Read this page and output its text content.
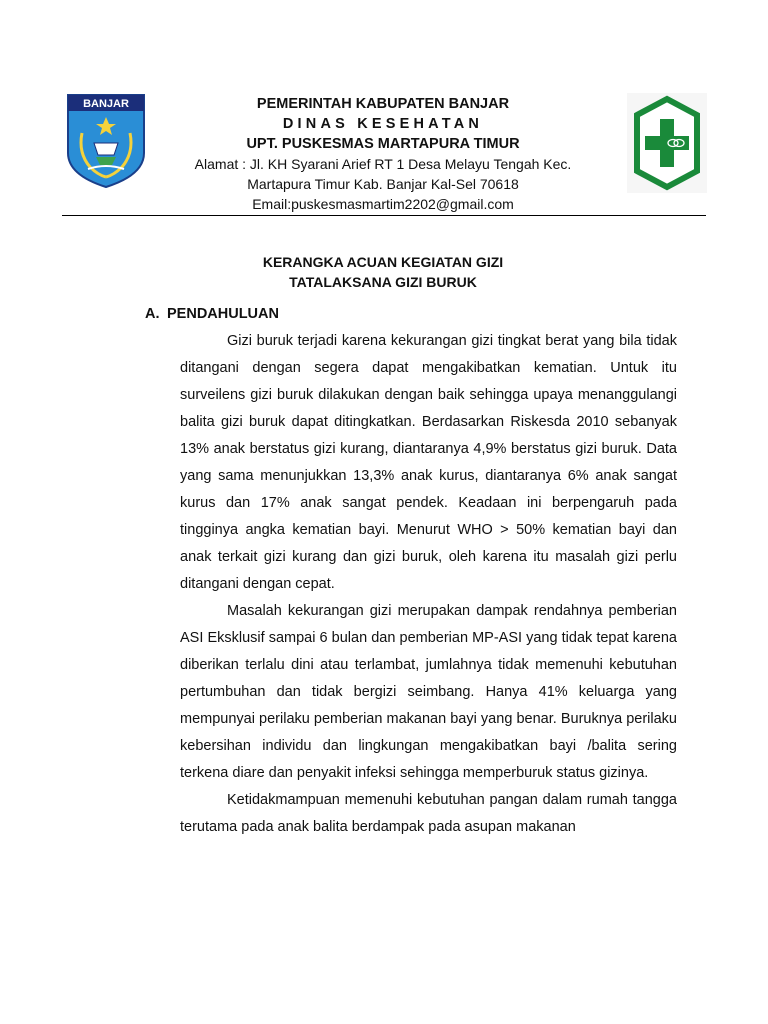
BANJAR	PEMERINTAH KABUPATEN BANJAR
DINAS KESEHATAN
UPT. PUSKESMAS MARTAPURA TIMUR
Alamat : Jl. KH Syarani Arief RT 1 Desa Melayu Tengah Kec.
Martapura Timur Kab. Banjar Kal-Sel 70618
Email:puskesmasmartim2202@gmail.com
KERANGKA ACUAN KEGIATAN GIZI
TATALAKSANA GIZI BURUK
A. PENDAHULUAN

Gizi buruk terjadi karena kekurangan gizi tingkat berat yang bila tidak ditangani dengan segera dapat mengakibatkan kematian. Untuk itu surveilens gizi buruk dilakukan dengan baik sehingga upaya menanggulangi balita gizi buruk dapat ditingkatkan. Berdasarkan Riskesda 2010 sebanyak 13% anak berstatus gizi kurang, diantaranya 4,9% berstatus gizi buruk. Data yang sama menunjukkan 13,3% anak kurus, diantaranya 6% anak sangat kurus dan 17% anak sangat pendek. Keadaan ini berpengaruh pada tingginya angka kematian bayi. Menurut WHO > 50% kematian bayi dan anak terkait gizi kurang dan gizi buruk, oleh karena itu masalah gizi perlu ditangani dengan cepat.

Masalah kekurangan gizi merupakan dampak rendahnya pemberian ASI Eksklusif sampai 6 bulan dan pemberian MP-ASI yang tidak tepat karena diberikan terlalu dini atau terlambat, jumlahnya tidak memenuhi kebutuhan pertumbuhan dan tidak bergizi seimbang. Hanya 41% keluarga yang mempunyai perilaku pemberian makanan bayi yang benar. Buruknya perilaku kebersihan individu dan lingkungan mengakibatkan bayi /balita sering terkena diare dan penyakit infeksi sehingga memperburuk status gizinya.

Ketidakmampuan memenuhi kebutuhan pangan dalam rumah tangga terutama pada anak balita berdampak pada asupan makanan
